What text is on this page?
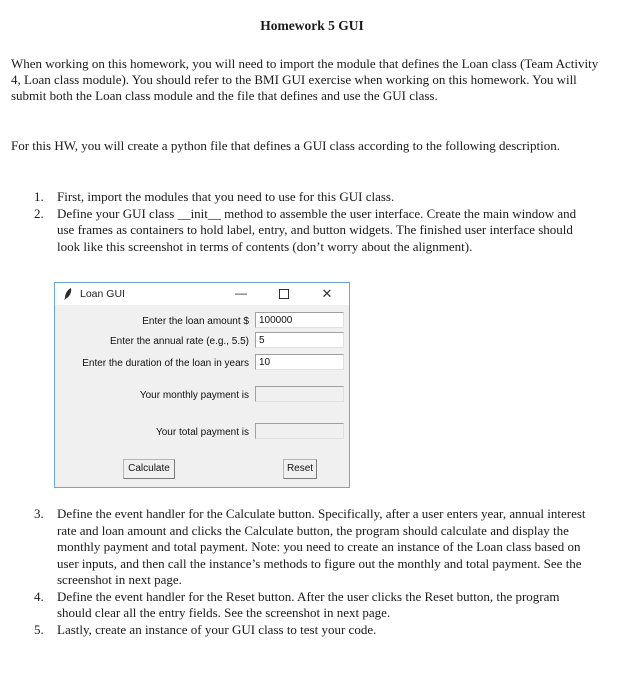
Homework 5 GUI

When working on this homework, you will need to import the module that defines the Loan class (Team Activity 4, Loan class module). You should refer to the BMI GUI exercise when working on this homework. You will submit both the Loan class module and the file that defines and use the GUI class.

For this HW, you will create a python file that defines a GUI class according to the following description.

1. First, import the modules that you need to use for this GUI class.
2. Define your GUI class __init__ method to assemble the user interface. Create the main window and use frames as containers to hold label, entry, and button widgets. The finished user interface should look like this screenshot in terms of contents (don’t worry about the alignment).
Loan GUI	—	✕
Enter the loan amount $	100000
Enter the annual rate (e.g., 5.5)	5
Enter the duration of the loan in years	10
Your monthly payment is
Your total payment is
Calculate	Reset
3. Define the event handler for the Calculate button. Specifically, after a user enters year, annual interest rate and loan amount and clicks the Calculate button, the program should calculate and display the monthly payment and total payment. Note: you need to create an instance of the Loan class based on user inputs, and then call the instance’s methods to figure out the monthly and total payment. See the screenshot in next page.
4. Define the event handler for the Reset button. After the user clicks the Reset button, the program should clear all the entry fields. See the screenshot in next page.
5. Lastly, create an instance of your GUI class to test your code.
